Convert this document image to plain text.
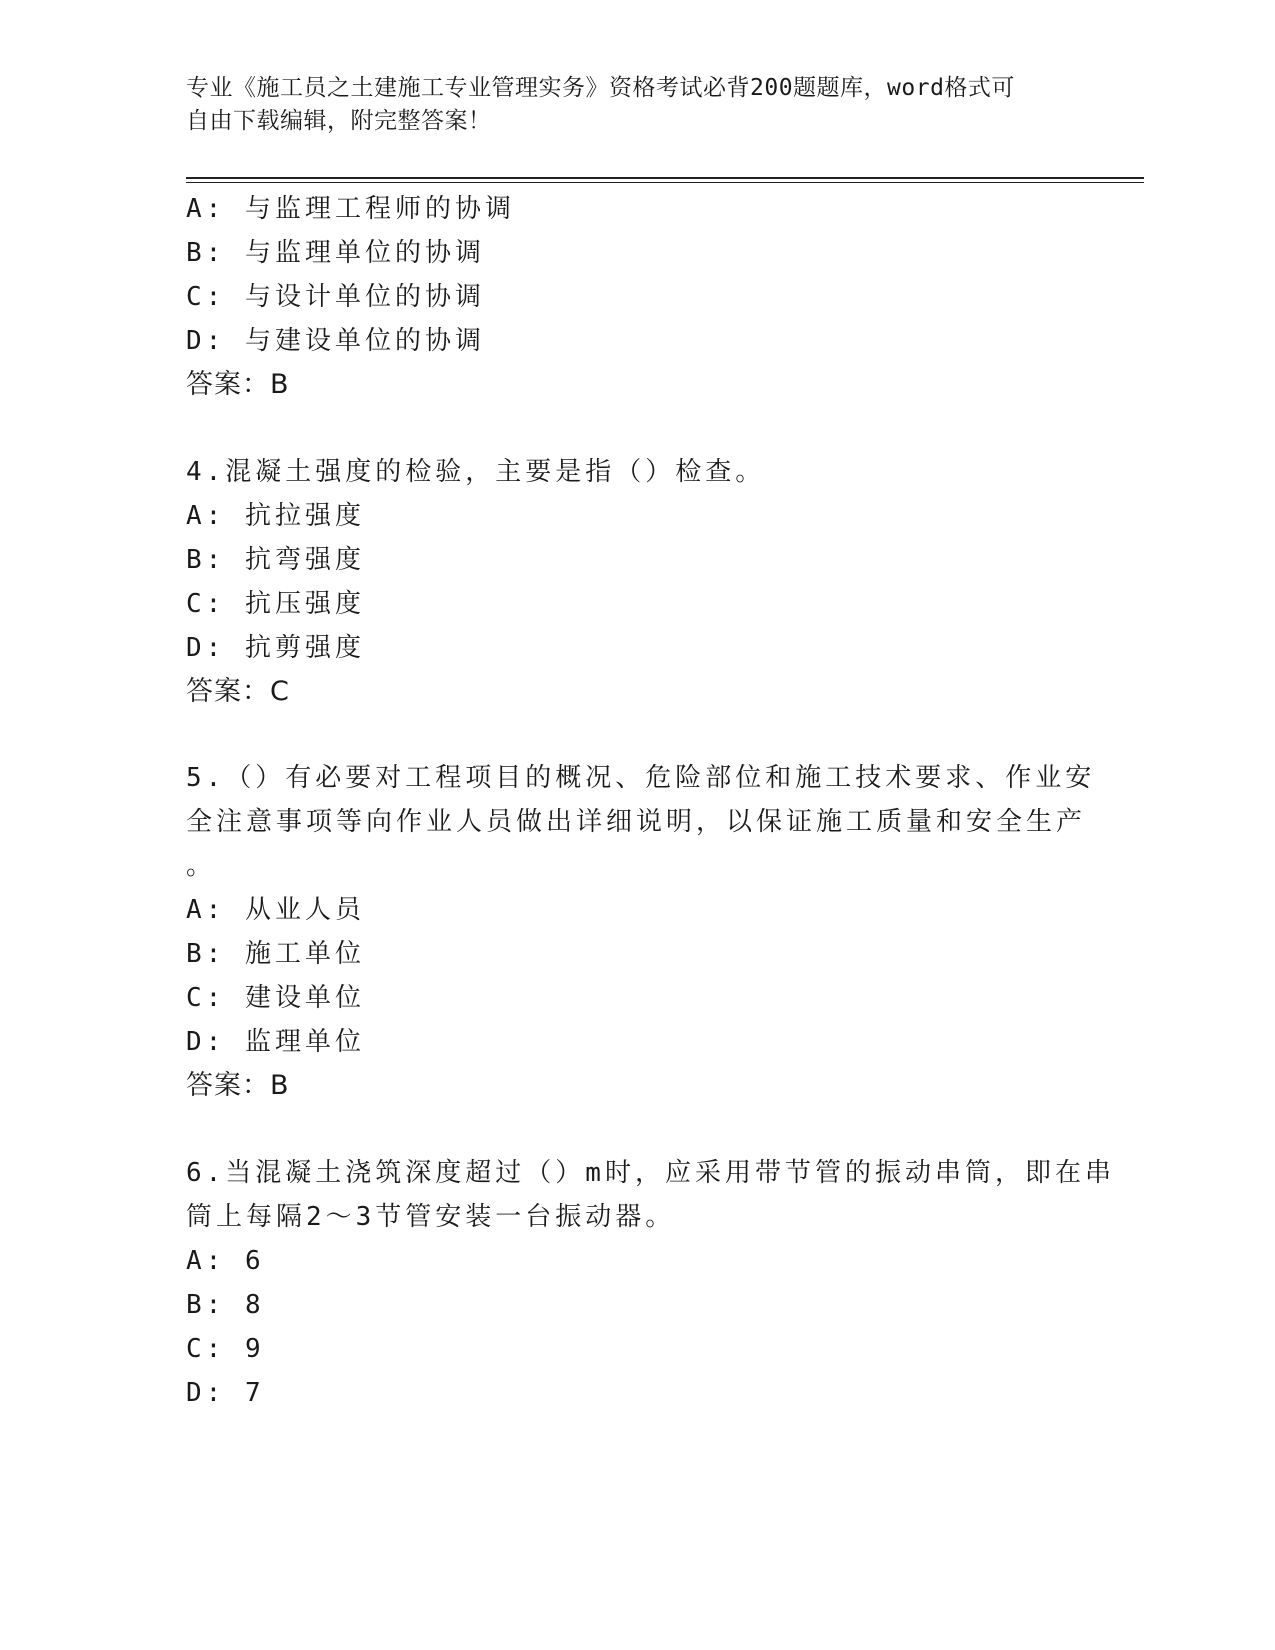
专业《施工员之土建施工专业管理实务》资格考试必背200题题库，word格式可
自由下载编辑，附完整答案！
A: 与监理工程师的协调
B: 与监理单位的协调
C: 与设计单位的协调
D: 与建设单位的协调
答案：B
4.混凝土强度的检验，主要是指（）检查。
A: 抗拉强度
B: 抗弯强度
C: 抗压强度
D: 抗剪强度
答案：C
5.（）有必要对工程项目的概况、危险部位和施工技术要求、作业安
全注意事项等向作业人员做出详细说明，以保证施工质量和安全生产
。
A: 从业人员
B: 施工单位
C: 建设单位
D: 监理单位
答案：B
6.当混凝土浇筑深度超过（）m时，应采用带节管的振动串筒，即在串
筒上每隔2～3节管安装一台振动器。
A: 6
B: 8
C: 9
D: 7
